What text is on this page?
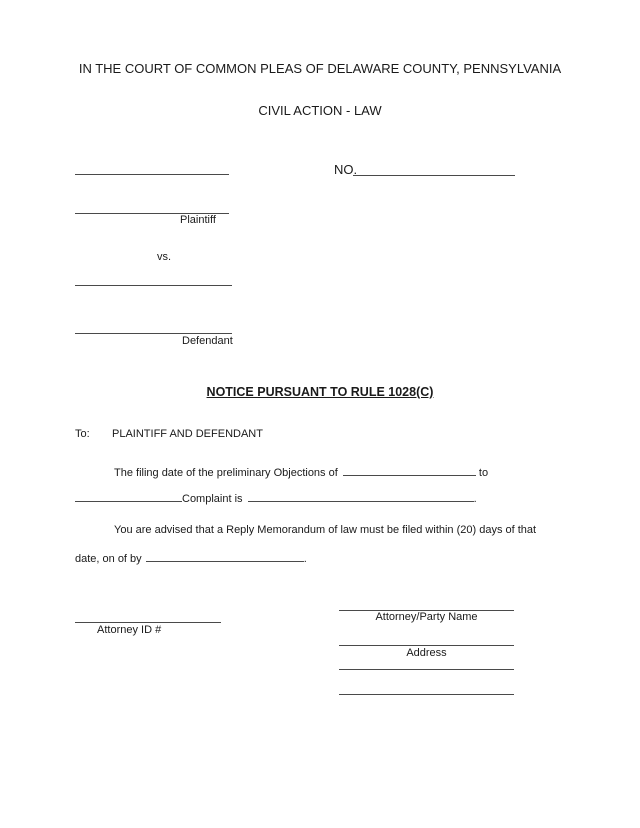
IN THE COURT OF COMMON PLEAS OF DELAWARE COUNTY, PENNSYLVANIA
CIVIL ACTION - LAW
Plaintiff
NO.
vs.
Defendant
NOTICE PURSUANT TO RULE 1028(C)
To: PLAINTIFF AND DEFENDANT
The filing date of the preliminary Objections of	to
Complaint is	.
You are advised that a Reply Memorandum of law must be filed within (20) days of that
date, on of by	.
Attorney ID #
Attorney/Party Name
Address
